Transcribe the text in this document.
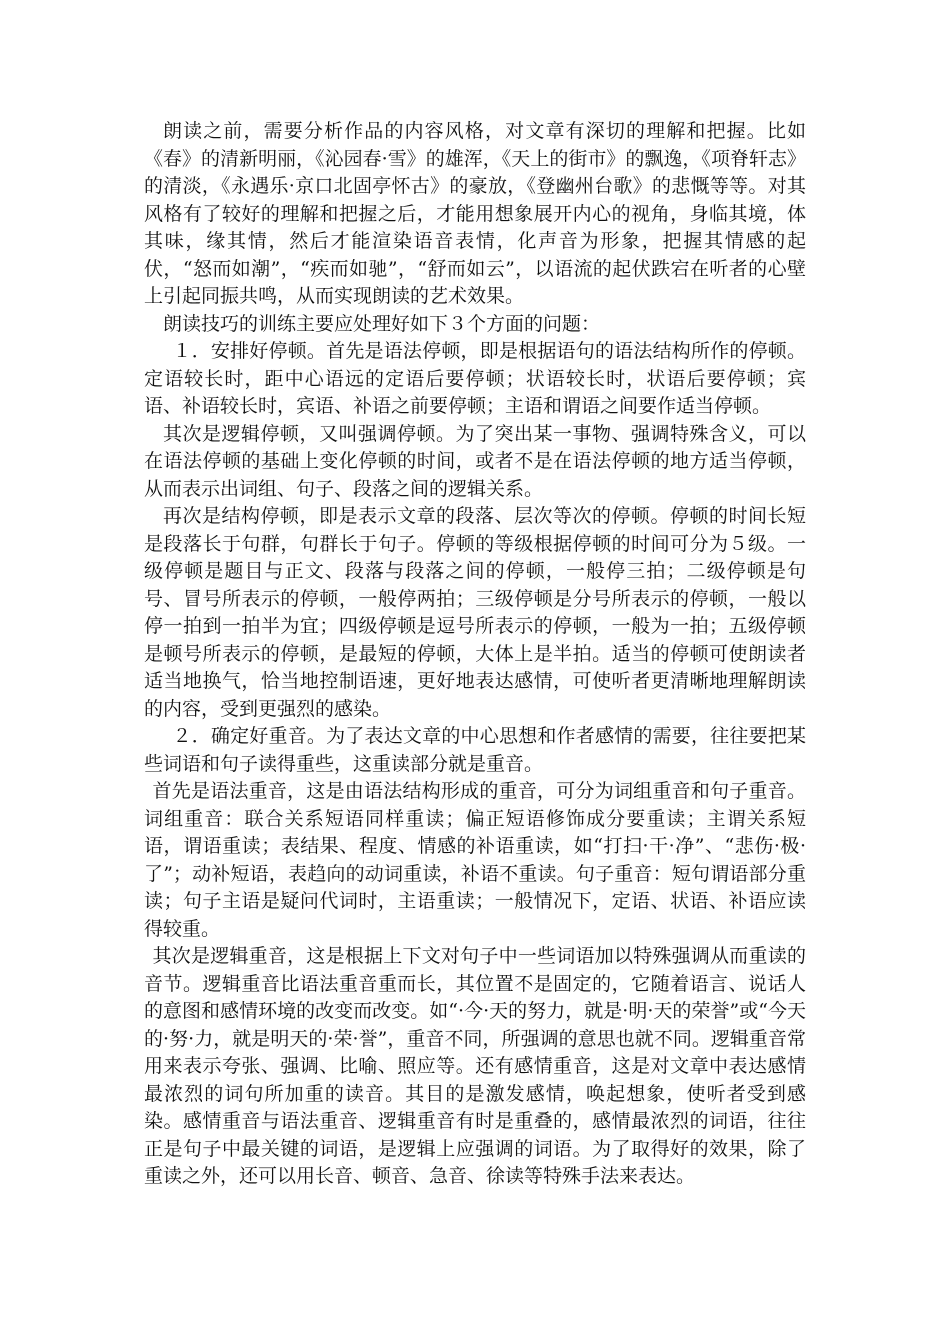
朗读之前，需要分析作品的内容风格，对文章有深切的理解和把握。比如《春》的清新明丽，《沁园春·雪》的雄浑，《天上的街市》的飘逸，《项脊轩志》的清淡，《永遇乐·京口北固亭怀古》的豪放，《登幽州台歌》的悲慨等等。对其风格有了较好的理解和把握之后，才能用想象展开内心的视角，身临其境，体其味，缘其情，然后才能渲染语音表情，化声音为形象，把握其情感的起伏，“怒而如潮”，“疾而如驰”，“舒而如云”，以语流的起伏跌宕在听者的心壁上引起同振共鸣，从而实现朗读的艺术效果。

朗读技巧的训练主要应处理好如下３个方面的问题：

１．安排好停顿。首先是语法停顿，即是根据语句的语法结构所作的停顿。定语较长时，距中心语远的定语后要停顿；状语较长时，状语后要停顿；宾语、补语较长时，宾语、补语之前要停顿；主语和谓语之间要作适当停顿。

其次是逻辑停顿，又叫强调停顿。为了突出某一事物、强调特殊含义，可以在语法停顿的基础上变化停顿的时间，或者不是在语法停顿的地方适当停顿，从而表示出词组、句子、段落之间的逻辑关系。

再次是结构停顿，即是表示文章的段落、层次等次的停顿。停顿的时间长短是段落长于句群，句群长于句子。停顿的等级根据停顿的时间可分为５级。一级停顿是题目与正文、段落与段落之间的停顿，一般停三拍；二级停顿是句号、冒号所表示的停顿，一般停两拍；三级停顿是分号所表示的停顿，一般以停一拍到一拍半为宜；四级停顿是逗号所表示的停顿，一般为一拍；五级停顿是顿号所表示的停顿，是最短的停顿，大体上是半拍。适当的停顿可使朗读者适当地换气，恰当地控制语速，更好地表达感情，可使听者更清晰地理解朗读的内容，受到更强烈的感染。

２．确定好重音。为了表达文章的中心思想和作者感情的需要，往往要把某些词语和句子读得重些，这重读部分就是重音。

首先是语法重音，这是由语法结构形成的重音，可分为词组重音和句子重音。词组重音：联合关系短语同样重读；偏正短语修饰成分要重读；主谓关系短语，谓语重读；表结果、程度、情感的补语重读，如“打扫·干·净”、“悲伤·极·了”；动补短语，表趋向的动词重读，补语不重读。句子重音：短句谓语部分重读；句子主语是疑问代词时，主语重读；一般情况下，定语、状语、补语应读得较重。

其次是逻辑重音，这是根据上下文对句子中一些词语加以特殊强调从而重读的音节。逻辑重音比语法重音重而长，其位置不是固定的，它随着语言、说话人的意图和感情环境的改变而改变。如“·今·天的努力，就是·明·天的荣誉”或“今天的·努·力，就是明天的·荣·誉”，重音不同，所强调的意思也就不同。逻辑重音常用来表示夸张、强调、比喻、照应等。还有感情重音，这是对文章中表达感情最浓烈的词句所加重的读音。其目的是激发感情，唤起想象，使听者受到感染。感情重音与语法重音、逻辑重音有时是重叠的，感情最浓烈的词语，往往正是句子中最关键的词语，是逻辑上应强调的词语。为了取得好的效果，除了重读之外，还可以用长音、顿音、急音、徐读等特殊手法来表达。
